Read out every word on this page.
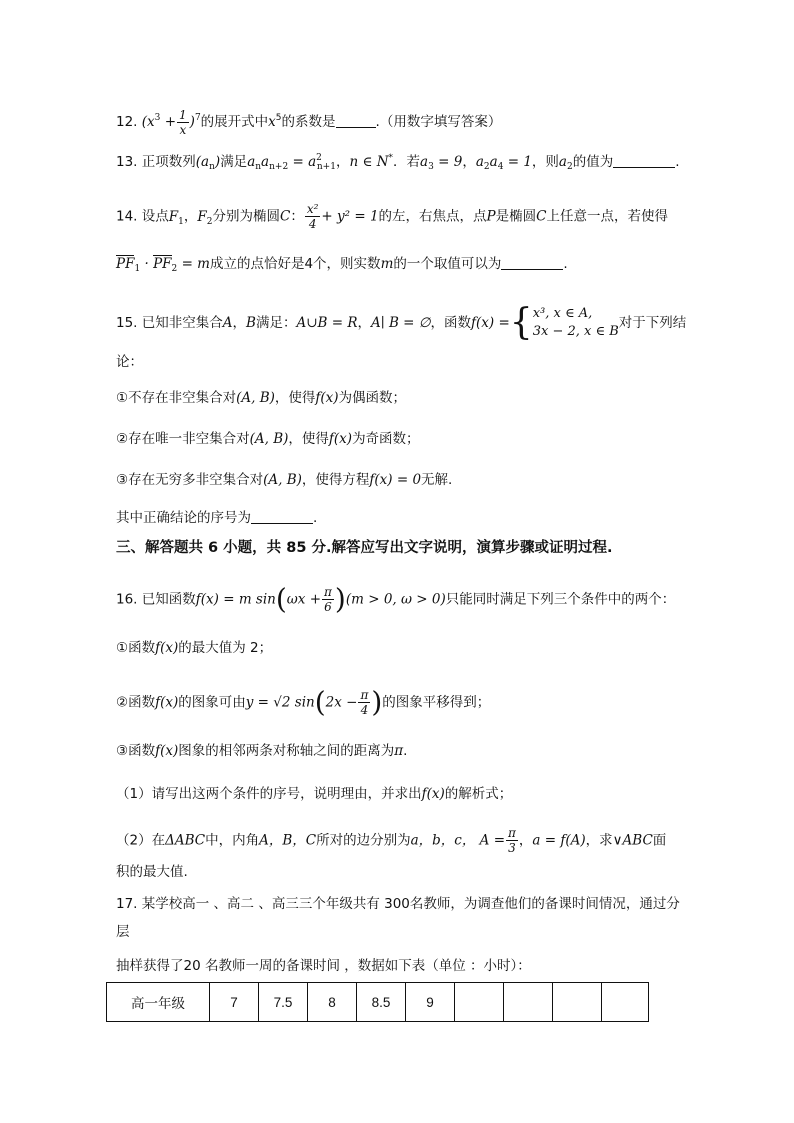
12. $(x^3 + \frac{1}{x} )^7$的展开式中$x^5$的系数是	.（用数字填写答案）
13. 正项数列$(a_n)$满足$a_na_{n+2} = a^2_{n+1}$，n ∈ N*．若$a_3 = 9$，$a_2a_4 = 1$，则$a_2$的值为	.
14. 设点$F_1$，$F_2$分别为椭圆C： $\frac{\text{x²}}{4} + y^2 = 1$的左，右焦点，点P是椭圆C上任意一点，若使得
$PF_1 \cdot PF_2 = m$成立的点恰好是4个，则实数m的一个取值可以为	.
15. 已知非空集合A，B满足：A∪B = R，A∣ B = ∅，函数f(x) ={ x³, x ∈ A,
3x − 2, x ∈ B
对于下列结
论：
①不存在非空集合对(A, B)，使得f(x)为偶函数；
②存在唯一非空集合对(A, B)，使得f(x)为奇函数；
③存在无穷多非空集合对(A, B)，使得方程f(x) = 0无解.
其中正确结论的序号为	.
三、解答题共 6 小题，共 85 分.解答应写出文字说明，演算步骤或证明过程.
16. 已知函数f(x) = m $\sin(\omega x + \frac{\pi}{6} )(m > 0$, ω > 0)只能同时满足下列三个条件中的两个：
①函数f(x)的最大值为 2；
②函数f(x)的图象可由y = √2 $\sin(2x - \frac{\pi}{4}$ )的图象平移得到；
③函数f(x)图象的相邻两条对称轴之间的距离为π.
（1）请写出这两个条件的序号，说明理由，并求出f(x)的解析式；
（2）在ΔABC中，内角A，B，C所对的边分别为a，b，c， $A = \frac{\pi}{3}$ ，a = f(A)，求∨ABC面
积的最大值.
17. 某学校高一 、高二 、高三三个年级共有 300名教师，为调查他们的备课时间情况，通过分
层
抽样获得了20 名教师一周的备课时间 ，数据如下表（单位 ：小时）：
高一年级	7	7.5	8	8.5	9				
